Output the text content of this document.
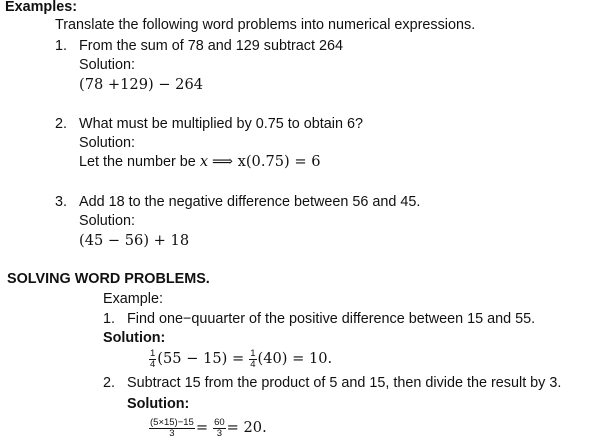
Examples:
Translate the following word problems into numerical expressions.
1. From the sum of 78 and 129 subtract 264
Solution:
(78 +129) − 264
2. What must be multiplied by 0.75 to obtain 6?
Solution:
Let the number be x ⟹ x(0.75) = 6
3. Add 18 to the negative difference between 56 and 45.
Solution:
(45 − 56) + 18
SOLVING WORD PROBLEMS.
Example:
1. Find one−quuarter of the positive difference between 15 and 55.
Solution:
$\frac{1}{4} (55 - 15) = \frac{1}{4} (40) = 10$.
2. Subtract 15 from the product of 5 and 15, then divide the result by 3.
Solution:
$\frac{(5\times 15)-15}{3} = \frac{60}{3} = 20$.
